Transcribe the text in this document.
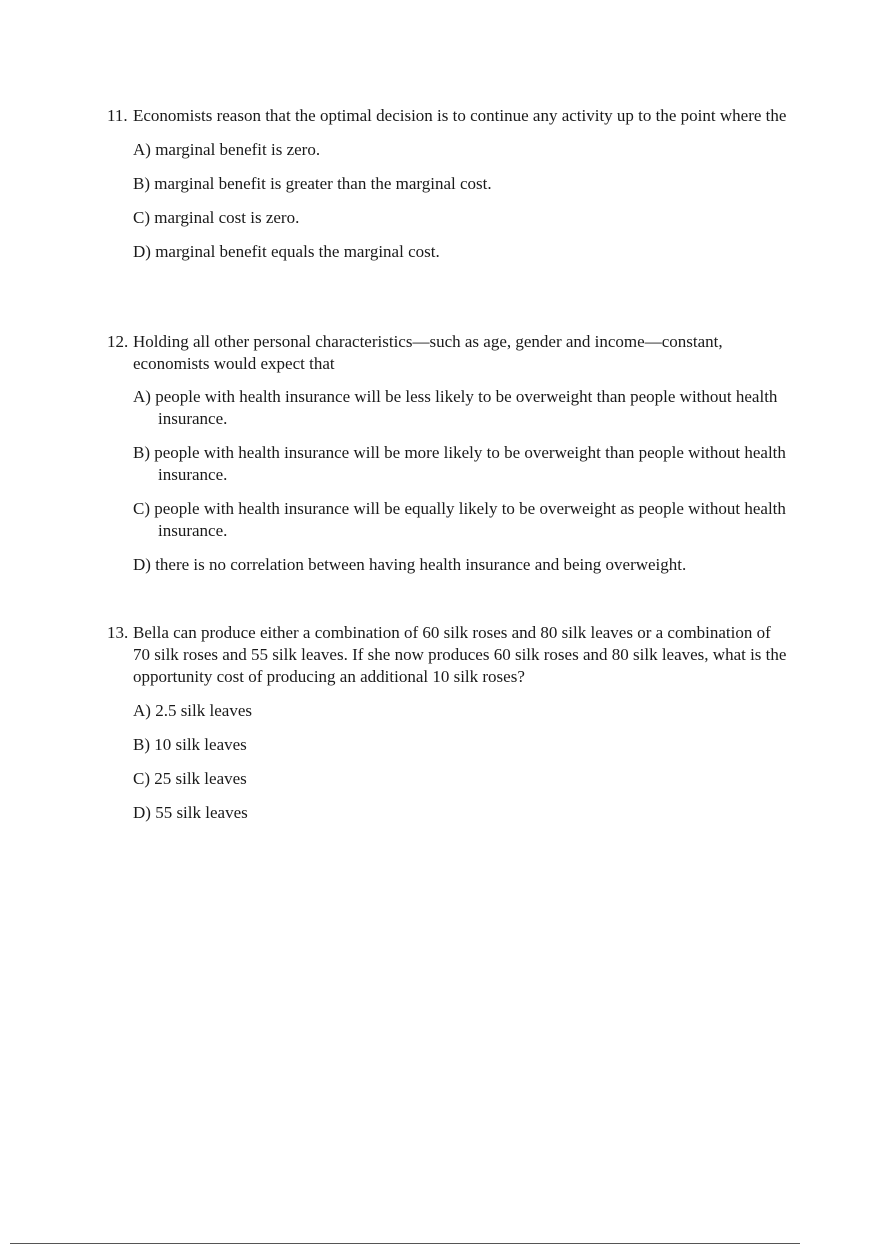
11. Economists reason that the optimal decision is to continue any activity up to the point where the
A) marginal benefit is zero.
B) marginal benefit is greater than the marginal cost.
C) marginal cost is zero.
D) marginal benefit equals the marginal cost.
12. Holding all other personal characteristics—such as age, gender and income—constant, economists would expect that
A) people with health insurance will be less likely to be overweight than people without health insurance.
B) people with health insurance will be more likely to be overweight than people without health insurance.
C) people with health insurance will be equally likely to be overweight as people without health insurance.
D) there is no correlation between having health insurance and being overweight.
13. Bella can produce either a combination of 60 silk roses and 80 silk leaves or a combination of 70 silk roses and 55 silk leaves. If she now produces 60 silk roses and 80 silk leaves, what is the opportunity cost of producing an additional 10 silk roses?
A) 2.5 silk leaves
B) 10 silk leaves
C) 25 silk leaves
D) 55 silk leaves
